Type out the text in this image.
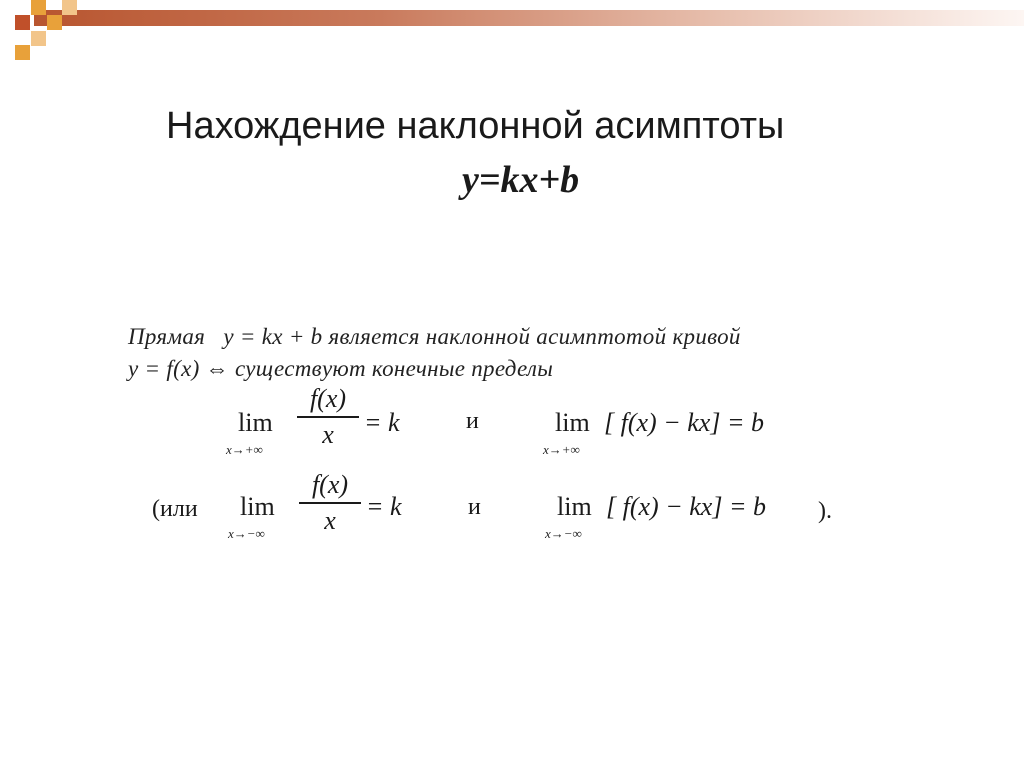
Нахождение наклонной асимптоты
y=kx+b
Прямая   y = kx + b является наклонной асимптотой кривой
y = f(x) ⇔ существуют конечные пределы
lim
x→+∞
f(x)
x	= k	и	lim
x→+∞
[ f(x) − kx] = b
(или lim
x→−∞
f(x)
x	= k	и	lim
x→−∞
[ f(x) − kx] = b ).
